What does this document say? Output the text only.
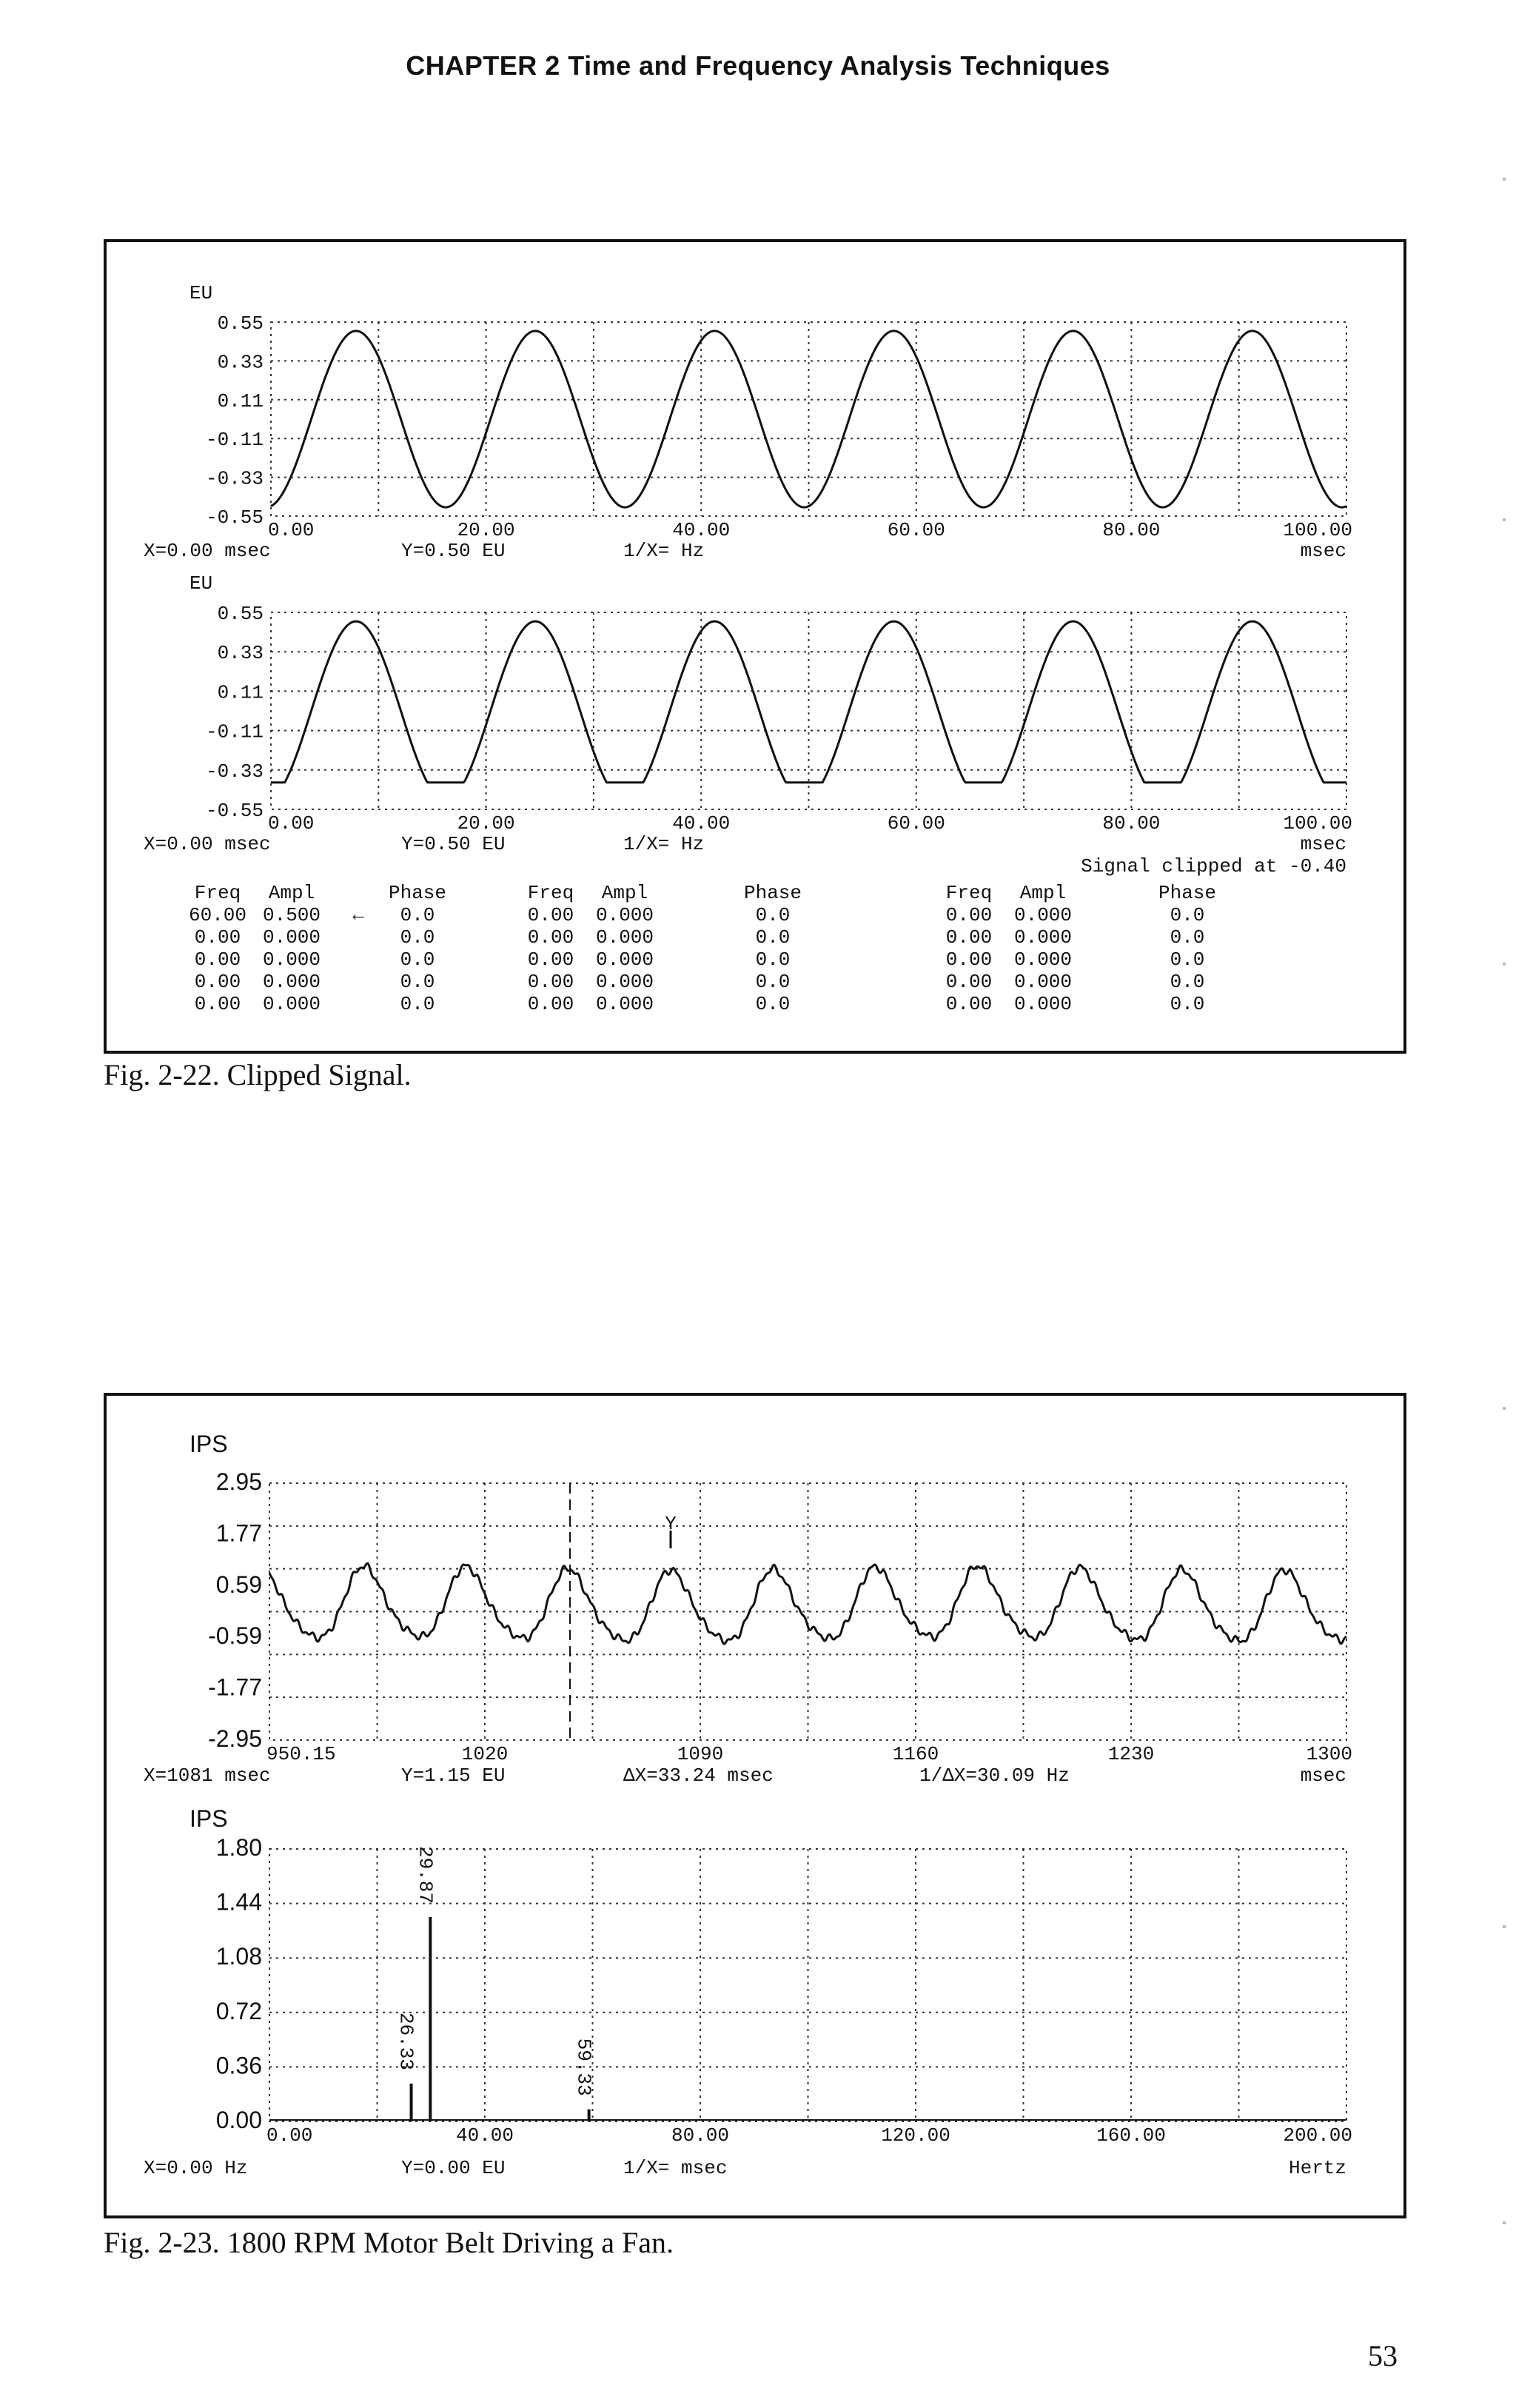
CHAPTER 2 Time and Frequency Analysis Techniques
EU
0.55
0.33
0.11
-0.11
-0.33
-0.55
0.00	20.00	40.00	60.00	80.00	100.00
msec
X=0.00 msec	Y=0.50 EU	1/X= Hz
EU
0.55
0.33
0.11
-0.11
-0.33
-0.55
0.00	20.00	40.00	60.00	80.00	100.00
msec
X=0.00 msec	Y=0.50 EU	1/X= Hz
Signal clipped at -0.40
Freq Ampl	Phase	Freq Ampl	Phase	Freq Ampl	Phase
←
60.00 0.500	0.0	0.00 0.000	0.0	0.00 0.000	0.0
0.00 0.000	0.0	0.00 0.000	0.0	0.00 0.000	0.0
0.00 0.000	0.0	0.00 0.000	0.0	0.00 0.000	0.0
0.00 0.000	0.0	0.00 0.000	0.0	0.00 0.000	0.0
0.00 0.000	0.0	0.00 0.000	0.0	0.00 0.000	0.0
Fig. 2-22. Clipped Signal.
IPS
2.95
1.77
0.59
-0.59
-1.77
-2.95
Y
950.15	1020	1090	1160	1230	1300
msec
X=1081 msec	Y=1.15 EU	ΔX=33.24 msec	1/ΔX=30.09 Hz
IPS
1.80
1.44
1.08
0.72
0.36
0.00
26.33
29.87
59.33
0.00	40.00	80.00	120.00	160.00	200.00
Hertz
X=0.00 Hz	Y=0.00 EU	1/X= msec
Fig. 2-23. 1800 RPM Motor Belt Driving a Fan.
53
